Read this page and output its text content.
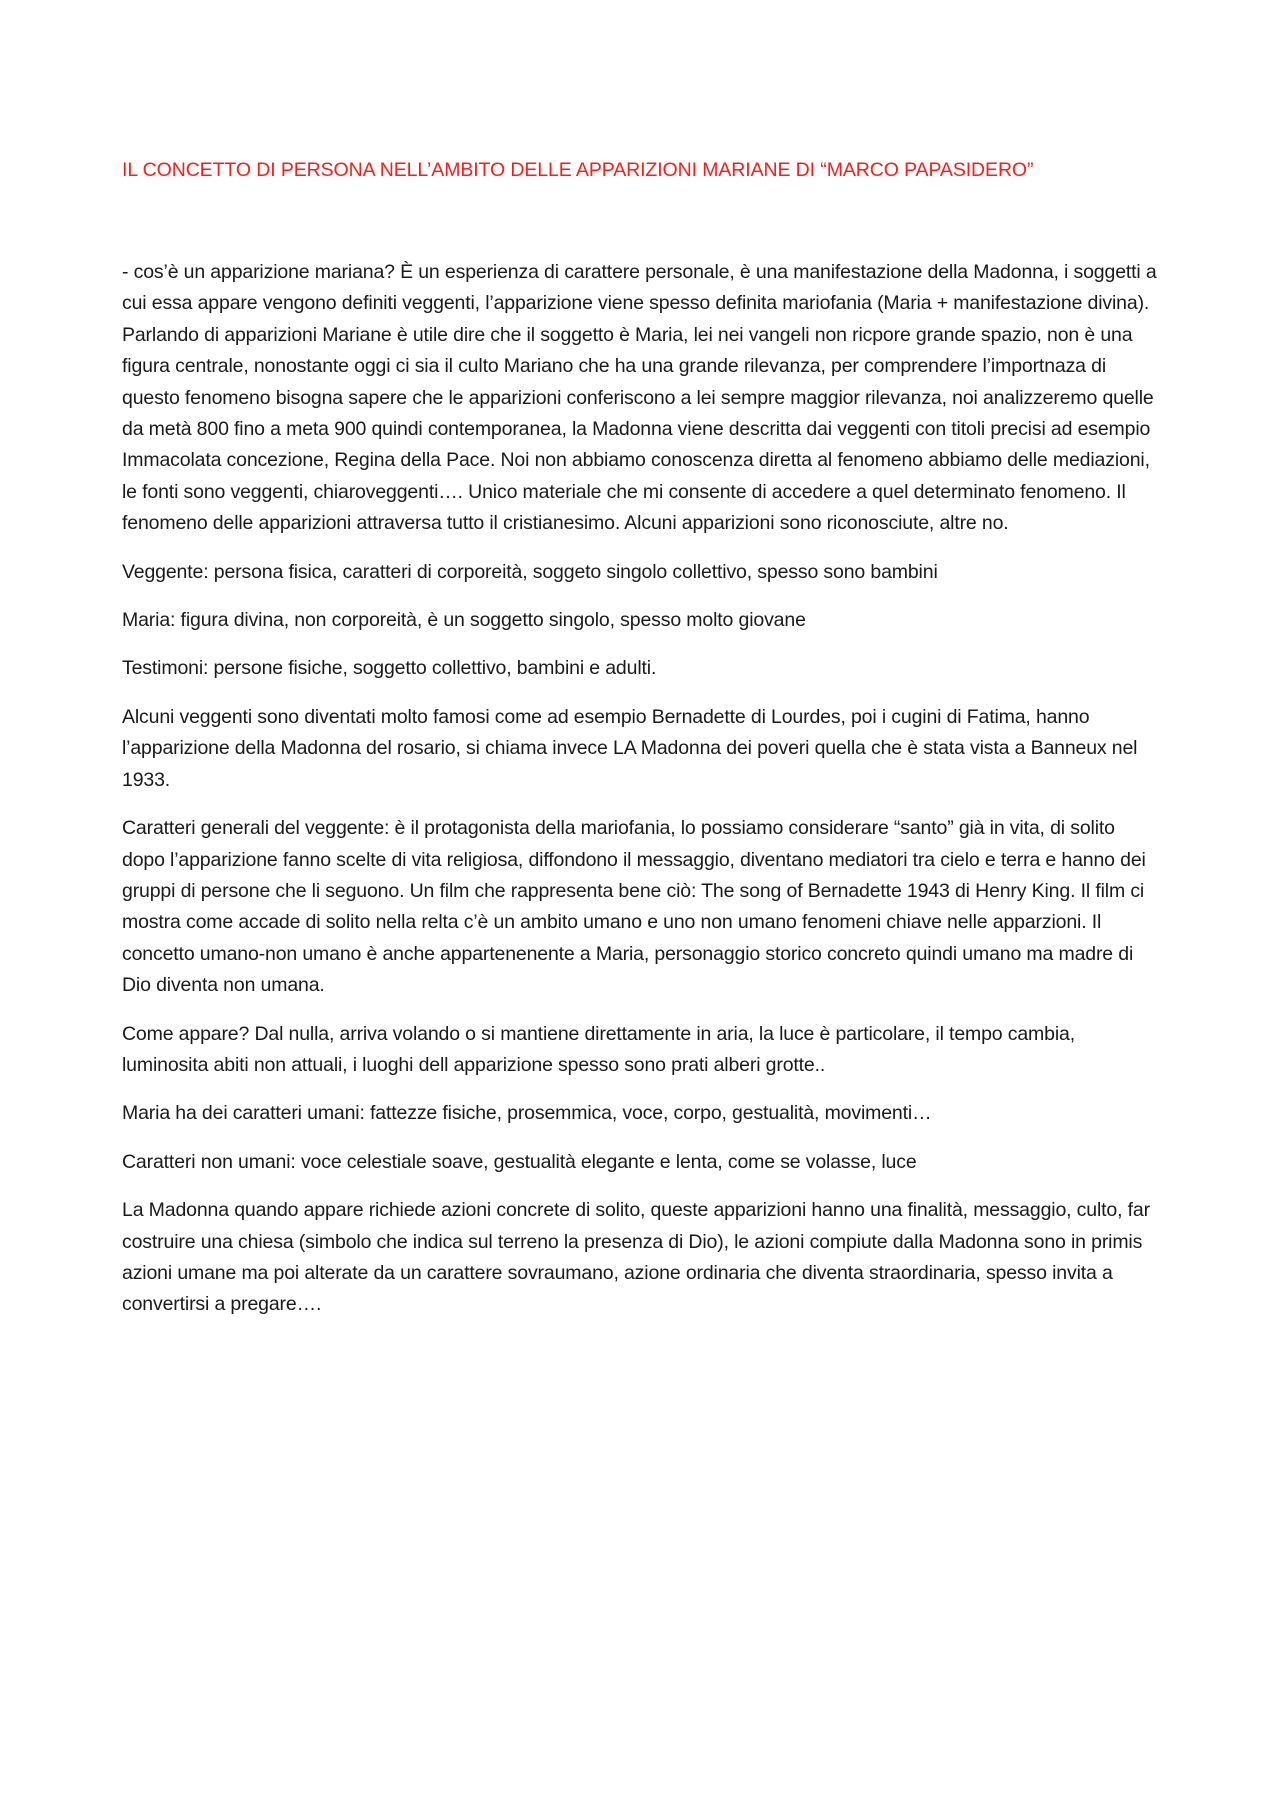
IL CONCETTO DI PERSONA NELL’AMBITO DELLE APPARIZIONI MARIANE DI “MARCO PAPASIDERO”

- cos’è un apparizione mariana? È un esperienza di carattere personale, è una manifestazione della Madonna, i soggetti a cui essa appare vengono definiti veggenti, l’apparizione viene spesso definita mariofania (Maria + manifestazione divina). Parlando di apparizioni Mariane è utile dire che il soggetto è Maria, lei nei vangeli non ricpore grande spazio, non è una figura centrale, nonostante oggi ci sia il culto Mariano che ha una grande rilevanza, per comprendere l’importnaza di questo fenomeno bisogna sapere che le apparizioni conferiscono a lei sempre maggior rilevanza, noi analizzeremo quelle da metà 800 fino a meta 900 quindi contemporanea, la Madonna viene descritta dai veggenti con titoli precisi ad esempio Immacolata concezione, Regina della Pace. Noi non abbiamo conoscenza diretta al fenomeno abbiamo delle mediazioni, le fonti sono veggenti, chiaroveggenti…. Unico materiale che mi consente di accedere a quel determinato fenomeno. Il fenomeno delle apparizioni attraversa tutto il cristianesimo. Alcuni apparizioni sono riconosciute, altre no.

Veggente: persona fisica, caratteri di corporeità, soggeto singolo collettivo, spesso sono bambini

Maria: figura divina, non corporeità, è un soggetto singolo, spesso molto giovane

Testimoni: persone fisiche, soggetto collettivo, bambini e adulti.

Alcuni veggenti sono diventati molto famosi come ad esempio Bernadette di Lourdes, poi i cugini di Fatima, hanno l’apparizione della Madonna del rosario, si chiama invece LA Madonna dei poveri quella che è stata vista a Banneux nel 1933.

Caratteri generali del veggente: è il protagonista della mariofania, lo possiamo considerare “santo” già in vita, di solito dopo l’apparizione fanno scelte di vita religiosa, diffondono il messaggio, diventano mediatori tra cielo e terra e hanno dei gruppi di persone che li seguono. Un film che rappresenta bene ciò: The song of Bernadette 1943 di Henry King. Il film ci mostra come accade di solito nella relta c’è un ambito umano e uno non umano fenomeni chiave nelle apparzioni. Il concetto umano-non umano è anche appartenenente a Maria, personaggio storico concreto quindi umano ma madre di Dio diventa non umana.

Come appare? Dal nulla, arriva volando o si mantiene direttamente in aria, la luce è particolare, il tempo cambia, luminosita abiti non attuali, i luoghi dell apparizione spesso sono prati alberi grotte..

Maria ha dei caratteri umani: fattezze fisiche, prosemmica, voce, corpo, gestualità, movimenti…

Caratteri non umani: voce celestiale soave, gestualità elegante e lenta, come se volasse, luce

La Madonna quando appare richiede azioni concrete di solito, queste apparizioni hanno una finalità, messaggio, culto, far costruire una chiesa (simbolo che indica sul terreno la presenza di Dio), le azioni compiute dalla Madonna sono in primis azioni umane ma poi alterate da un carattere sovraumano, azione ordinaria che diventa straordinaria, spesso invita a convertirsi a pregare….
